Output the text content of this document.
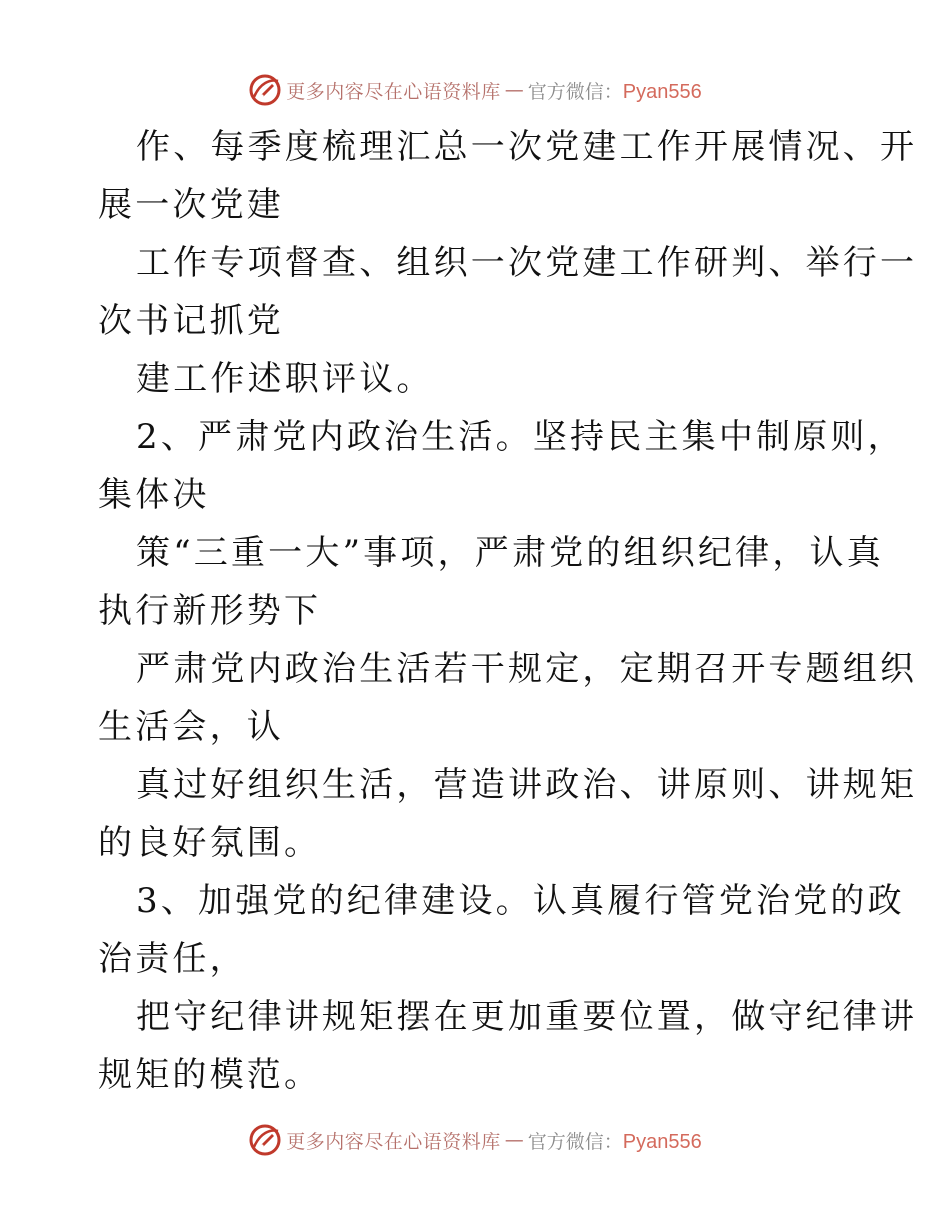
更多内容尽在心语资料库 — 官方微信：Pyan556
作、每季度梳理汇总一次党建工作开展情况、开
展一次党建
工作专项督查、组织一次党建工作研判、举行一
次书记抓党
建工作述职评议。
2、严肃党内政治生活。坚持民主集中制原则，
集体决
策“三重一大”事项，严肃党的组织纪律，认真
执行新形势下
严肃党内政治生活若干规定，定期召开专题组织
生活会，认
真过好组织生活，营造讲政治、讲原则、讲规矩
的良好氛围。
3、加强党的纪律建设。认真履行管党治党的政
治责任，
把守纪律讲规矩摆在更加重要位置，做守纪律讲
规矩的模范。
更多内容尽在心语资料库 — 官方微信：Pyan556
